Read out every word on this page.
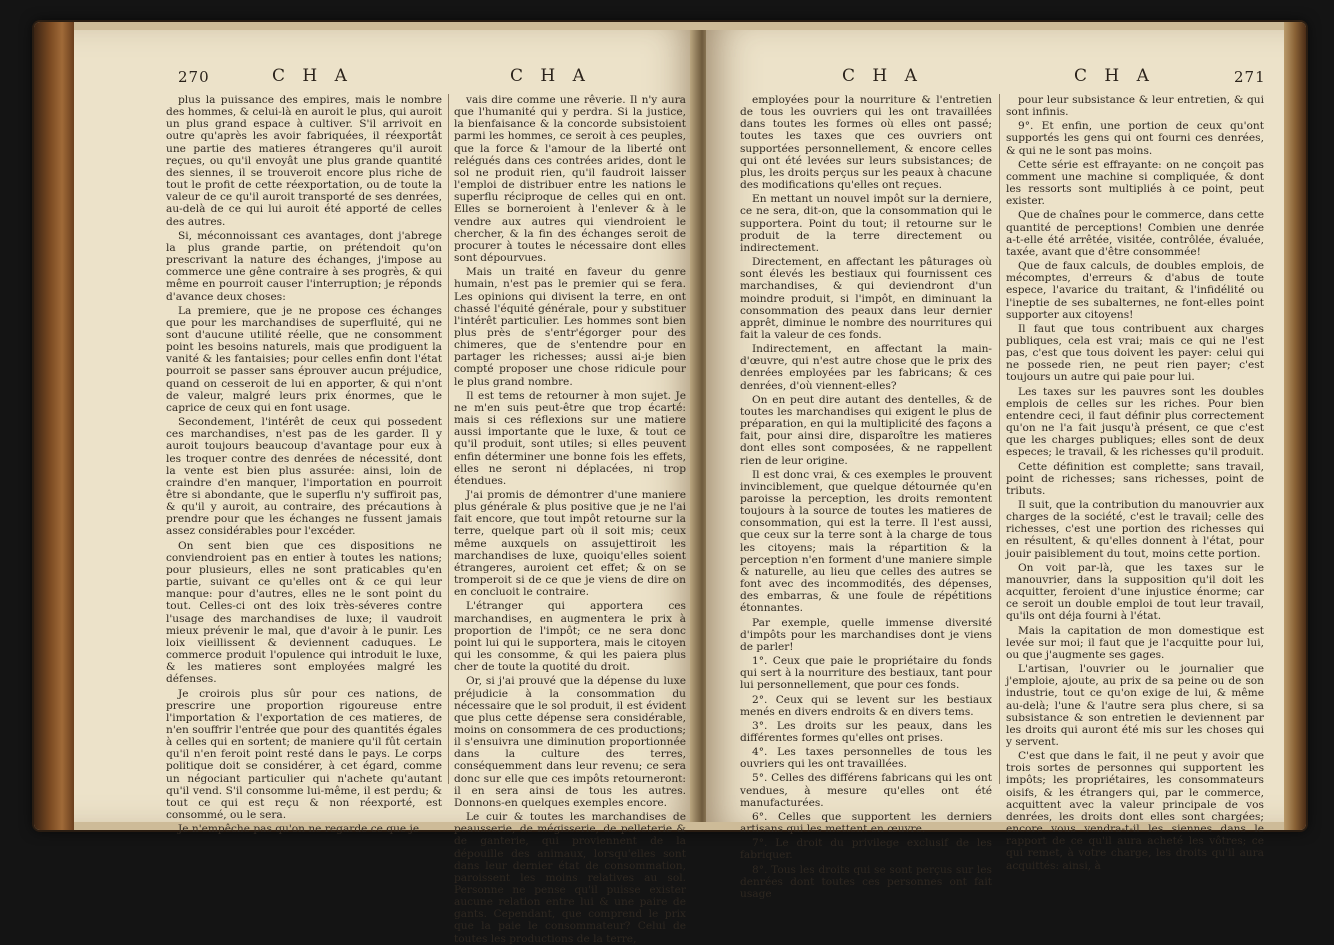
270	C H A	C H A

plus la puissance des empires, mais le nombre des hommes, & celui-là en auroit le plus, qui auroit un plus grand espace à cultiver. S'il arrivoit en outre qu'après les avoir fabriquées, il réexportât une partie des matieres étrangeres qu'il auroit reçues, ou qu'il envoyât une plus grande quantité des siennes, il se trouveroit encore plus riche de tout le profit de cette réexportation, ou de toute la valeur de ce qu'il auroit transporté de ses denrées, au-delà de ce qui lui auroit été apporté de celles des autres.

Si, méconnoissant ces avantages, dont j'abrege la plus grande partie, on prétendoit qu'on prescrivant la nature des échanges, j'impose au commerce une gêne contraire à ses progrès, & qui même en pourroit causer l'interruption; je réponds d'avance deux choses:

La premiere, que je ne propose ces échanges que pour les marchandises de superfluité, qui ne sont d'aucune utilité réelle, que ne consomment point les besoins naturels, mais que prodiguent la vanité & les fantaisies; pour celles enfin dont l'état pourroit se passer sans éprouver aucun préjudice, quand on cesseroit de lui en apporter, & qui n'ont de valeur, malgré leurs prix énormes, que le caprice de ceux qui en font usage.

Secondement, l'intérêt de ceux qui possedent ces marchandises, n'est pas de les garder. Il y auroit toujours beaucoup d'avantage pour eux à les troquer contre des denrées de nécessité, dont la vente est bien plus assurée: ainsi, loin de craindre d'en manquer, l'importation en pourroit être si abondante, que le superflu n'y suffiroit pas, & qu'il y auroit, au contraire, des précautions à prendre pour que les échanges ne fussent jamais assez considérables pour l'excéder.

On sent bien que ces dispositions ne conviendroient pas en entier à toutes les nations; pour plusieurs, elles ne sont praticables qu'en partie, suivant ce qu'elles ont & ce qui leur manque: pour d'autres, elles ne le sont point du tout. Celles-ci ont des loix très-séveres contre l'usage des marchandises de luxe; il vaudroit mieux prévenir le mal, que d'avoir à le punir. Les loix vieillissent & deviennent caduques. Le commerce produit l'opulence qui introduit le luxe, & les matieres sont employées malgré les défenses.

Je croirois plus sûr pour ces nations, de prescrire une proportion rigoureuse entre l'importation & l'exportation de ces matieres, de n'en souffrir l'entrée que pour des quantités égales à celles qui en sortent; de maniere qu'il fût certain qu'il n'en feroit point resté dans le pays. Le corps politique doit se considérer, à cet égard, comme un négociant particulier qui n'achete qu'autant qu'il vend. S'il consomme lui-même, il est perdu; & tout ce qui est reçu & non réexporté, est consommé, ou le sera.

Je n'empêche pas qu'on ne regarde ce que je

vais dire comme une rêverie. Il n'y aura que l'humanité qui y perdra. Si la justice, la bienfaisance & la concorde subsistoient parmi les hommes, ce seroit à ces peuples, que la force & l'amour de la liberté ont relégués dans ces contrées arides, dont le sol ne produit rien, qu'il faudroit laisser l'emploi de distribuer entre les nations le superflu réciproque de celles qui en ont. Elles se borneroient à l'enlever & à le vendre aux autres qui viendroient le chercher, & la fin des échanges seroit de procurer à toutes le nécessaire dont elles sont dépourvues.

Mais un traité en faveur du genre humain, n'est pas le premier qui se fera. Les opinions qui divisent la terre, en ont chassé l'équité générale, pour y substituer l'intérêt particulier. Les hommes sont bien plus près de s'entr'égorger pour des chimeres, que de s'entendre pour en partager les richesses; aussi ai-je bien compté proposer une chose ridicule pour le plus grand nombre.

Il est tems de retourner à mon sujet. Je ne m'en suis peut-être que trop écarté: mais si ces réflexions sur une matiere aussi importante que le luxe, & tout ce qu'il produit, sont utiles; si elles peuvent enfin déterminer une bonne fois les effets, elles ne seront ni déplacées, ni trop étendues.

J'ai promis de démontrer d'une maniere plus générale & plus positive que je ne l'ai fait encore, que tout impôt retourne sur la terre, quelque part où il soit mis; ceux même auxquels on assujettiroit les marchandises de luxe, quoiqu'elles soient étrangeres, auroient cet effet; & on se tromperoit si de ce que je viens de dire on en concluoit le contraire.

L'étranger qui apportera ces marchandises, en augmentera le prix à proportion de l'impôt; ce ne sera donc point lui qui le supportera, mais le citoyen qui les consomme, & qui les paiera plus cher de toute la quotité du droit.

Or, si j'ai prouvé que la dépense du luxe préjudicie à la consommation du nécessaire que le sol produit, il est évident que plus cette dépense sera considérable, moins on consommera de ces productions; il s'ensuivra une diminution proportionnée dans la culture des terres, conséquemment dans leur revenu; ce sera donc sur elle que ces impôts retourneront: il en sera ainsi de tous les autres. Donnons-en quelques exemples encore.

Le cuir & toutes les marchandises de peausserie, de mégisserie, de pelleterie & de ganterie, qui proviennent de la dépouille des animaux, lorsqu'elles sont dans leur dernier état de consommation, paroissent les moins relatives au sol. Personne ne pense qu'il puisse exister aucune relation entre lui & une paire de gants. Cependant, que comprend le prix que la paie le consommateur? Celui de toutes les productions de la terre,

C H A	C H A	271

employées pour la nourriture & l'entretien de tous les ouvriers qui les ont travaillées dans toutes les formes où elles ont passé; toutes les taxes que ces ouvriers ont supportées personnellement, & encore celles qui ont été levées sur leurs subsistances; de plus, les droits perçus sur les peaux à chacune des modifications qu'elles ont reçues.

En mettant un nouvel impôt sur la derniere, ce ne sera, dit-on, que la consommation qui le supportera. Point du tout; il retourne sur le produit de la terre directement ou indirectement.

Directement, en affectant les pâturages où sont élevés les bestiaux qui fournissent ces marchandises, & qui deviendront d'un moindre produit, si l'impôt, en diminuant la consommation des peaux dans leur dernier apprêt, diminue le nombre des nourritures qui fait la valeur de ces fonds.

Indirectement, en affectant la main-d'œuvre, qui n'est autre chose que le prix des denrées employées par les fabricans; & ces denrées, d'où viennent-elles?

On en peut dire autant des dentelles, & de toutes les marchandises qui exigent le plus de préparation, en qui la multiplicité des façons a fait, pour ainsi dire, disparoître les matieres dont elles sont composées, & ne rappellent rien de leur origine.

Il est donc vrai, & ces exemples le prouvent invinciblement, que quelque détournée qu'en paroisse la perception, les droits remontent toujours à la source de toutes les matieres de consommation, qui est la terre. Il l'est aussi, que ceux sur la terre sont à la charge de tous les citoyens; mais la répartition & la perception n'en forment d'une maniere simple & naturelle, au lieu que celles des autres se font avec des incommodités, des dépenses, des embarras, & une foule de répétitions étonnantes.

Par exemple, quelle immense diversité d'impôts pour les marchandises dont je viens de parler!

1°. Ceux que paie le propriétaire du fonds qui sert à la nourriture des bestiaux, tant pour lui personnellement, que pour ces fonds.

2°. Ceux qui se levent sur les bestiaux menés en divers endroits & en divers tems.

3°. Les droits sur les peaux, dans les différentes formes qu'elles ont prises.

4°. Les taxes personnelles de tous les ouvriers qui les ont travaillées.

5°. Celles des différens fabricans qui les ont vendues, à mesure qu'elles ont été manufacturées.

6°. Celles que supportent les derniers artisans qui les mettent en œuvre.

7°. Le droit du privilege exclusif de les fabriquer.

8°. Tous les droits qui se sont perçus sur les denrées dont toutes ces personnes ont fait usage

pour leur subsistance & leur entretien, & qui sont infinis.

9°. Et enfin, une portion de ceux qu'ont supportés les gens qui ont fourni ces denrées, & qui ne le sont pas moins.

Cette série est effrayante: on ne conçoit pas comment une machine si compliquée, & dont les ressorts sont multipliés à ce point, peut exister.

Que de chaînes pour le commerce, dans cette quantité de perceptions! Combien une denrée a-t-elle été arrêtée, visitée, contrôlée, évaluée, taxée, avant que d'être consommée!

Que de faux calculs, de doubles emplois, de mécomptes, d'erreurs & d'abus de toute espece, l'avarice du traitant, & l'infidélité ou l'ineptie de ses subalternes, ne font-elles point supporter aux citoyens!

Il faut que tous contribuent aux charges publiques, cela est vrai; mais ce qui ne l'est pas, c'est que tous doivent les payer: celui qui ne possede rien, ne peut rien payer; c'est toujours un autre qui paie pour lui.

Les taxes sur les pauvres sont les doubles emplois de celles sur les riches. Pour bien entendre ceci, il faut définir plus correctement qu'on ne l'a fait jusqu'à présent, ce que c'est que les charges publiques; elles sont de deux especes; le travail, & les richesses qu'il produit.

Cette définition est complette; sans travail, point de richesses; sans richesses, point de tributs.

Il suit, que la contribution du manouvrier aux charges de la société, c'est le travail; celle des richesses, c'est une portion des richesses qui en résultent, & qu'elles donnent à l'état, pour jouir paisiblement du tout, moins cette portion.

On voit par-là, que les taxes sur le manouvrier, dans la supposition qu'il doit les acquitter, feroient d'une injustice énorme; car ce seroit un double emploi de tout leur travail, qu'ils ont déja fourni à l'état.

Mais la capitation de mon domestique est levée sur moi; il faut que je l'acquitte pour lui, ou que j'augmente ses gages.

L'artisan, l'ouvrier ou le journalier que j'emploie, ajoute, au prix de sa peine ou de son industrie, tout ce qu'on exige de lui, & même au-delà; l'une & l'autre sera plus chere, si sa subsistance & son entretien le deviennent par les droits qui auront été mis sur les choses qui y servent.

C'est que dans le fait, il ne peut y avoir que trois sortes de personnes qui supportent les impôts; les propriétaires, les consommateurs oisifs, & les étrangers qui, par le commerce, acquittent avec la valeur principale de vos denrées, les droits dont elles sont chargées; encore vous vendra-t-il les siennes dans le rapport de ce qu'il aura acheté les vôtres; ce qui remet, à votre charge, les droits qu'il aura acquittés: ainsi, à
